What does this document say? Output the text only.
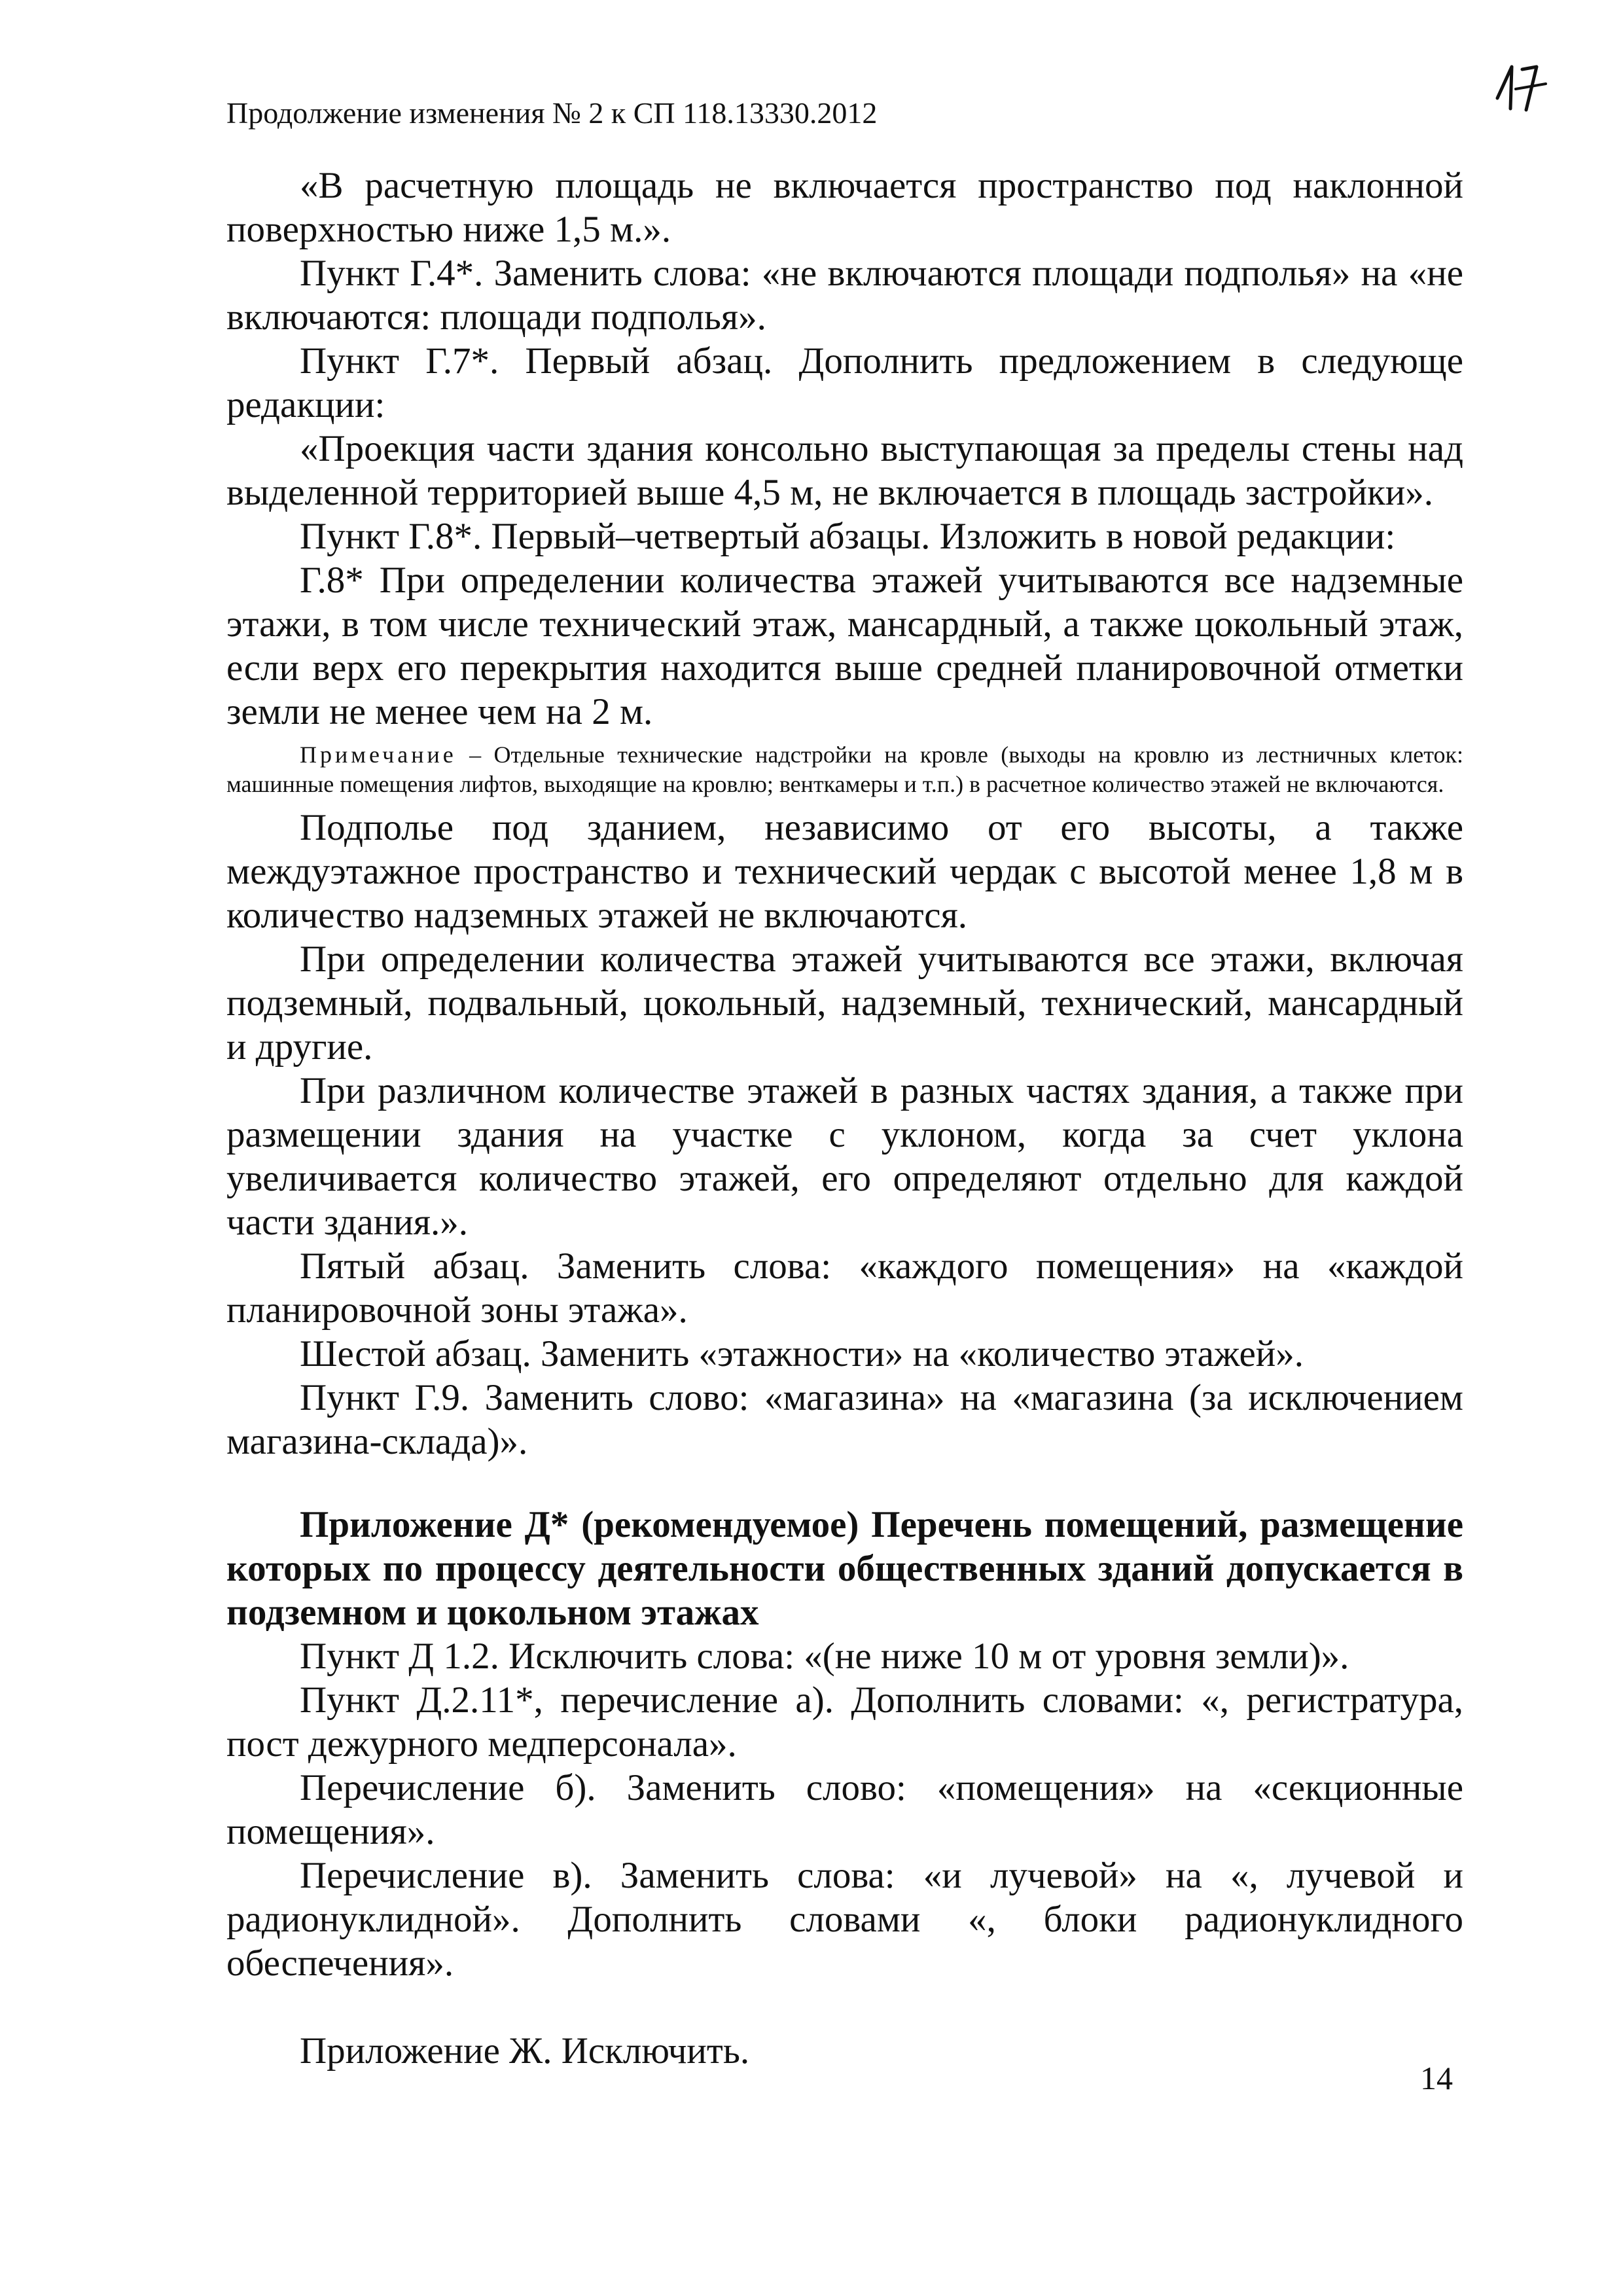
Продолжение изменения № 2 к СП 118.13330.2012

«В расчетную площадь не включается пространство под наклонной поверхностью ниже 1,5 м.».

Пункт Г.4*. Заменить слова: «не включаются площади подполья» на «не включаются: площади подполья».

Пункт Г.7*. Первый абзац. Дополнить предложением в следующе редакции:

«Проекция части здания консольно выступающая за пределы стены над выделенной территорией выше 4,5 м, не включается в площадь застройки».

Пункт Г.8*. Первый–четвертый абзацы. Изложить в новой редакции:

Г.8* При определении количества этажей учитываются все надземные этажи, в том числе технический этаж, мансардный, а также цокольный этаж, если верх его перекрытия находится выше средней планировочной отметки земли не менее чем на 2 м.

Примечание – Отдельные технические надстройки на кровле (выходы на кровлю из лестничных клеток: машинные помещения лифтов, выходящие на кровлю; венткамеры и т.п.) в расчетное количество этажей не включаются.

Подполье под зданием, независимо от его высоты, а также междуэтажное пространство и технический чердак с высотой менее 1,8 м в количество надземных этажей не включаются.

При определении количества этажей учитываются все этажи, включая подземный, подвальный, цокольный, надземный, технический, мансардный и другие.

При различном количестве этажей в разных частях здания, а также при размещении здания на участке с уклоном, когда за счет уклона увеличивается количество этажей, его определяют отдельно для каждой части здания.».

Пятый абзац. Заменить слова: «каждого помещения» на «каждой планировочной зоны этажа».

Шестой абзац. Заменить «этажности» на «количество этажей».

Пункт Г.9. Заменить слово: «магазина» на «магазина (за исключением магазина-склада)».

Приложение Д* (рекомендуемое) Перечень помещений, размещение которых по процессу деятельности общественных зданий допускается в подземном и цокольном этажах

Пункт Д 1.2. Исключить слова: «(не ниже 10 м от уровня земли)».

Пункт Д.2.11*, перечисление а). Дополнить словами: «, регистратура, пост дежурного медперсонала».

Перечисление б). Заменить слово: «помещения» на «секционные помещения».

Перечисление в). Заменить слова: «и лучевой» на «, лучевой и радионуклидной». Дополнить словами «, блоки радионуклидного обеспечения».

Приложение Ж. Исключить.

14
